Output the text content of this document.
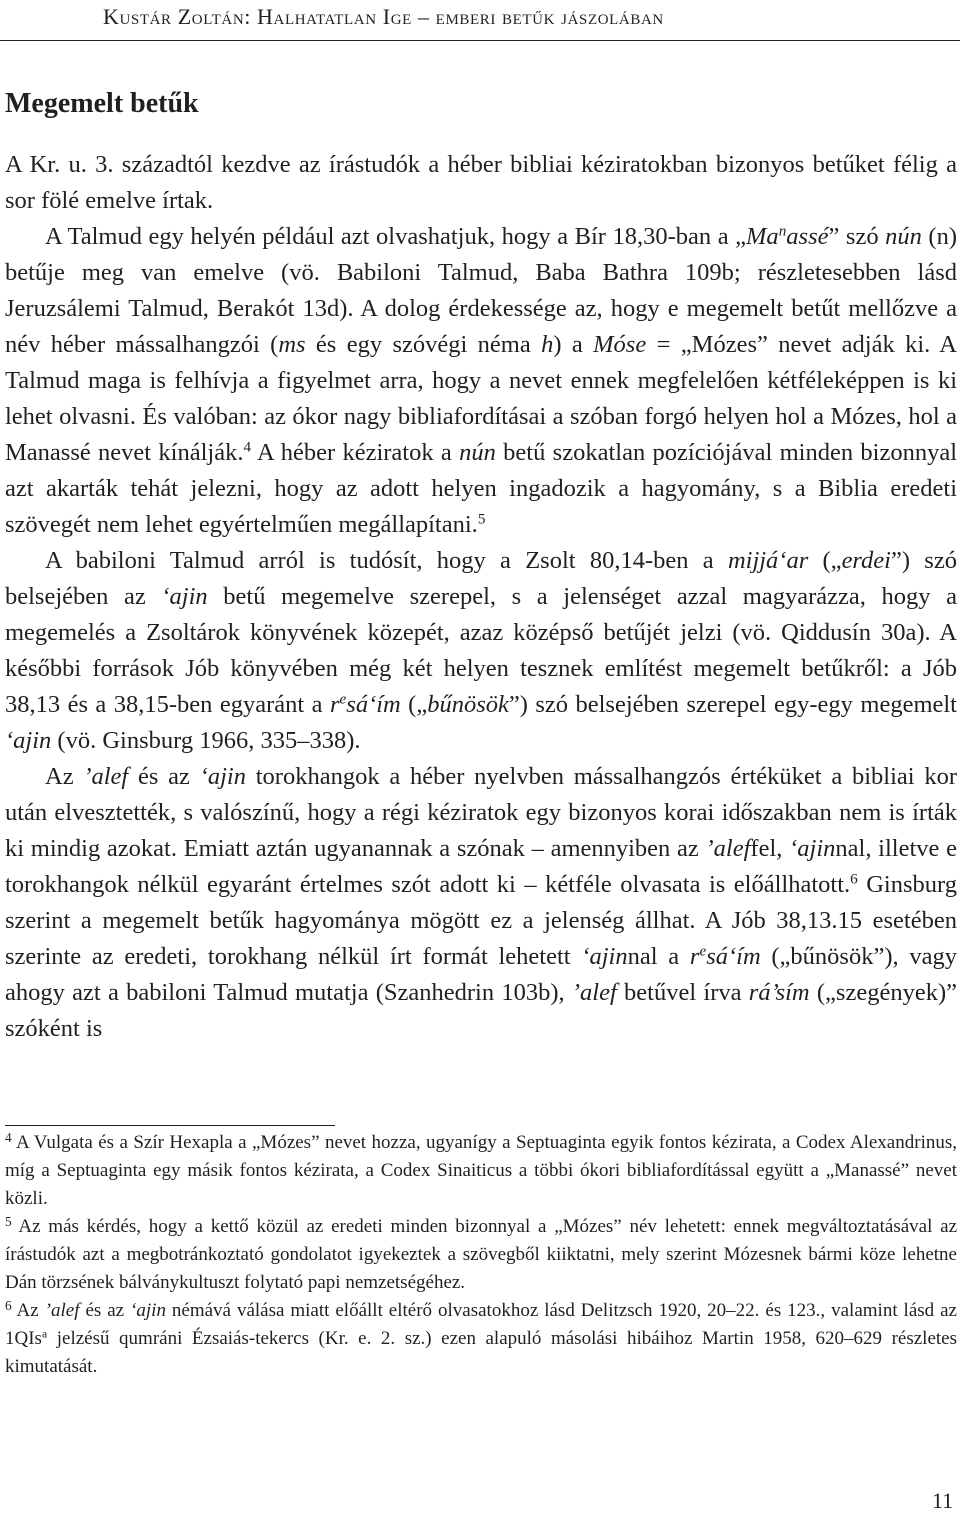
Kustár Zoltán: Halhatatlan Ige – emberi betűk jászolában
Megemelt betűk

A Kr. u. 3. századtól kezdve az írástudók a héber bibliai kéziratokban bizonyos betűket félig a sor fölé emelve írtak.

A Talmud egy helyén például azt olvashatjuk, hogy a Bír 18,30-ban a „Ma$^n$assé” szó nún (n) betűje meg van emelve (vö. Babiloni Talmud, Baba Bathra 109b; részletesebben lásd Jeruzsálemi Talmud, Berakót 13d). A dolog érdekessége az, hogy e megemelt betűt mellőzve a név héber mássalhangzói (ms és egy szóvégi néma h) a Mósе = „Mózes” nevet adják ki. A Talmud maga is felhívja a figyelmet arra, hogy a nevet ennek megfelelően kétféleképpen is ki lehet olvasni. És valóban: az ókor nagy bibliafordításai a szóban forgó helyen hol a Mózes, hol a Manassé nevet kínálják.$^4$ A héber kéziratok a nún betű szokatlan pozíciójával minden bizonnyal azt akarták tehát jelezni, hogy az adott helyen ingadozik a hagyomány, s a Biblia eredeti szövegét nem lehet egyértelműen megállapítani.$^5$

A babiloni Talmud arról is tudósít, hogy a Zsolt 80,14-ben a mijjá‘ar („erdei”) szó belsejében az ‘ajin betű megemelve szerepel, s a jelenséget azzal magyarázza, hogy a megemelés a Zsoltárok könyvének közepét, azaz középső betűjét jelzi (vö. Qiddusín 30a). A későbbi források Jób könyvében még két helyen tesznek említést megemelt betűkről: a Jób 38,13 és a 38,15-ben egyaránt a $r^esá‘ím$ („bűnösök”) szó belsejében szerepel egy-egy megemelt ‘ajin (vö. Ginsburg 1966, 335–338).

Az ’alef és az ‘ajin torokhangok a héber nyelvben mássalhangzós értéküket a bibliai kor után elvesztették, s valószínű, hogy a régi kéziratok egy bizonyos korai időszakban nem is írták ki mindig azokat. Emiatt aztán ugyanannak a szónak – amennyiben az ’aleffel, ‘ajinnal, illetve e torokhangok nélkül egyaránt értelmes szót adott ki – kétféle olvasata is előállhatott.$^6$ Ginsburg szerint a megemelt betűk hagyománya mögött ez a jelenség állhat. A Jób 38,13.15 esetében szerinte az eredeti, torokhang nélkül írt formát lehetett ‘ajinnal a $r^esá‘ím$ („bűnösök”), vagy ahogy azt a babiloni Talmud mutatja (Szanhedrin 103b), ’alef betűvel írva rá’sím („szegények)” szóként is

$^4$ A Vulgata és a Szír Hexapla a „Mózes” nevet hozza, ugyanígy a Septuaginta egyik fontos kézirata, a Codex Alexandrinus, míg a Septuaginta egy másik fontos kézirata, a Codex Sinaiticus a többi ókori bibliafordítással együtt a „Manassé” nevet közli.

$^5$ Az más kérdés, hogy a kettő közül az eredeti minden bizonnyal a „Mózes” név lehetett: ennek megváltoztatásával az írástudók azt a megbotránkoztató gondolatot igyekeztek a szövegből kiiktatni, mely szerint Mózesnek bármi köze lehetne Dán törzsének bálványkultuszt folytató papi nemzetségéhez.

$^6$ Az ’alef és az ‘ajin némává válása miatt előállt eltérő olvasatokhoz lásd Delitzsch 1920, 20–22. és 123., valamint lásd az 1QIs$^a$ jelzésű qumráni Ézsaiás-tekercs (Kr. e. 2. sz.) ezen alapuló másolási hibáihoz Martin 1958, 620–629 részletes kimutatását.

11
